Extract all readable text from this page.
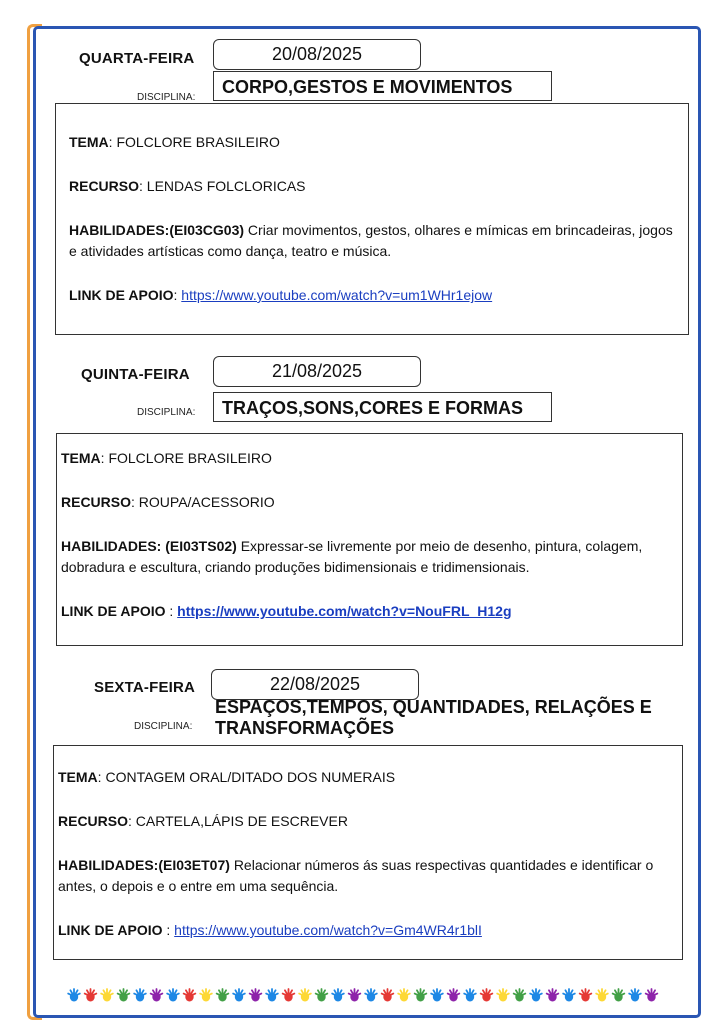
QUARTA-FEIRA	20/08/2025
DISCIPLINA:
CORPO,GESTOS E MOVIMENTOS

TEMA: FOLCLORE BRASILEIRO

RECURSO: LENDAS FOLCLORICAS

HABILIDADES:(EI03CG03) Criar movimentos, gestos, olhares e mímicas em brincadeiras, jogos e atividades artísticas como dança, teatro e música.

LINK DE APOIO: https://www.youtube.com/watch?v=um1WHr1ejow

QUINTA-FEIRA	21/08/2025
DISCIPLINA:	TRAÇOS,SONS,CORES E FORMAS

TEMA: FOLCLORE BRASILEIRO

RECURSO: ROUPA/ACESSORIO

HABILIDADES: (EI03TS02) Expressar-se livremente por meio de desenho, pintura, colagem, dobradura e escultura, criando produções bidimensionais e tridimensionais.

LINK DE APOIO : https://www.youtube.com/watch?v=NouFRL_H12g

SEXTA-FEIRA	22/08/2025
DISCIPLINA:
ESPAÇOS,TEMPOS, QUANTIDADES, RELAÇÕES E TRANSFORMAÇÕES

TEMA: CONTAGEM ORAL/DITADO DOS NUMERAIS

RECURSO: CARTELA,LÁPIS DE ESCREVER

HABILIDADES:(EI03ET07) Relacionar números ás suas respectivas quantidades e identificar o antes, o depois e o entre em uma sequência.

LINK DE APOIO : https://www.youtube.com/watch?v=Gm4WR4r1blI
